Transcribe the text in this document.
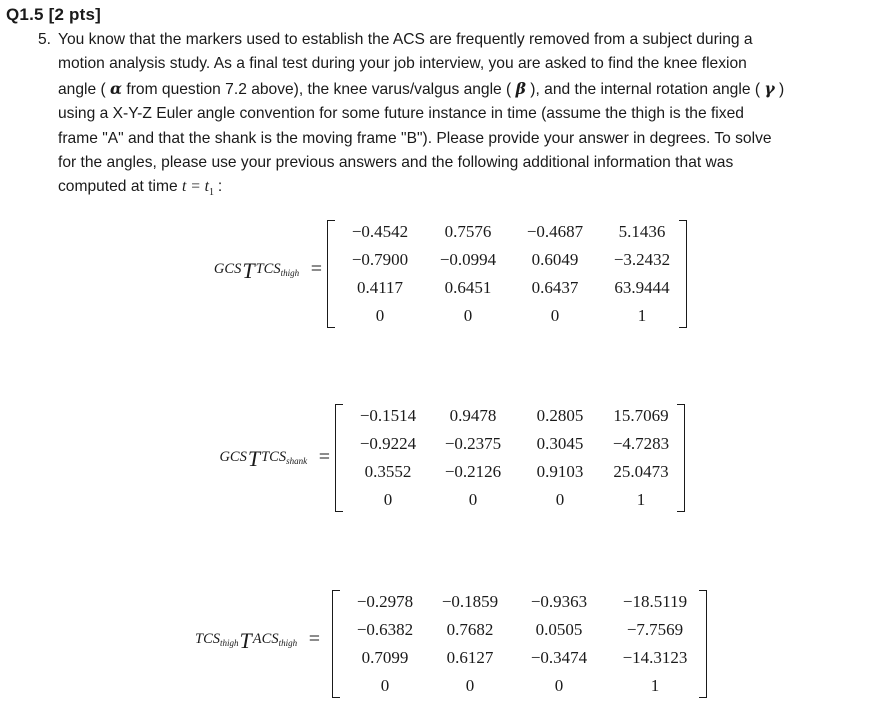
Q1.5 [2 pts]
5. You know that the markers used to establish the ACS are frequently removed from a subject during a
motion analysis study. As a final test during your job interview, you are asked to find the knee flexion
angle ( α from question 7.2 above), the knee varus/valgus angle ( β ), and the internal rotation angle ( γ )
using a X-Y-Z Euler angle convention for some future instance in time (assume the thigh is the fixed
frame "A" and that the shank is the moving frame "B"). Please provide your answer in degrees. To solve
for the angles, please use your previous answers and the following additional information that was
computed at time $t = t_1$ :
$GCSTTCS_{thigh}$ =
−0.4542	0.7576	−0.4687	5.1436
−0.7900	−0.0994	0.6049	−3.2432
0.4117	0.6451	0.6437	63.9444
0	0	0	1
$GCSTTCS_{shank}$ =
−0.1514	0.9478	0.2805	15.7069
−0.9224	−0.2375	0.3045	−4.7283
0.3552	−0.2126	0.9103	25.0473
0	0	0	1
$TCS_{thigh}TACS_{thigh}$ =
−0.2978	−0.1859	−0.9363	−18.5119
−0.6382	0.7682	0.0505	−7.7569
0.7099	0.6127	−0.3474	−14.3123
0	0	0	1
